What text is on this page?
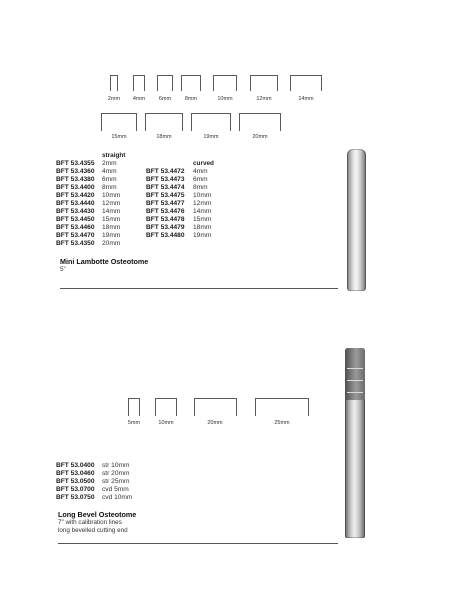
2mm	4mm	6mm	8mm	10mm	12mm	14mm
15mm	18mm	19mm	20mm
straight
curved
BFT 53.4355 2mm
BFT 53.4360 4mm
BFT 53.4380 6mm
BFT 53.4400 8mm
BFT 53.4420 10mm
BFT 53.4440 12mm
BFT 53.4430 14mm
BFT 53.4450 15mm
BFT 53.4460 18mm
BFT 53.4470 19mm
BFT 53.4350 20mm
BFT 53.4472 4mm
BFT 53.4473 6mm
BFT 53.4474 8mm
BFT 53.4475 10mm
BFT 53.4477 12mm
BFT 53.4476 14mm
BFT 53.4478 15mm
BFT 53.4479 18mm
BFT 53.4480 19mm
Mini Lambotte Osteotome
5"
5mm	10mm	20mm	25mm
BFT 53.0400 str 10mm
BFT 53.0460 str 20mm
BFT 53.0500 str 25mm
BFT 53.0700 cvd 5mm
BFT 53.0750 cvd 10mm
Long Bevel Osteotome
7" with calibration lines
long bevelled cutting end
